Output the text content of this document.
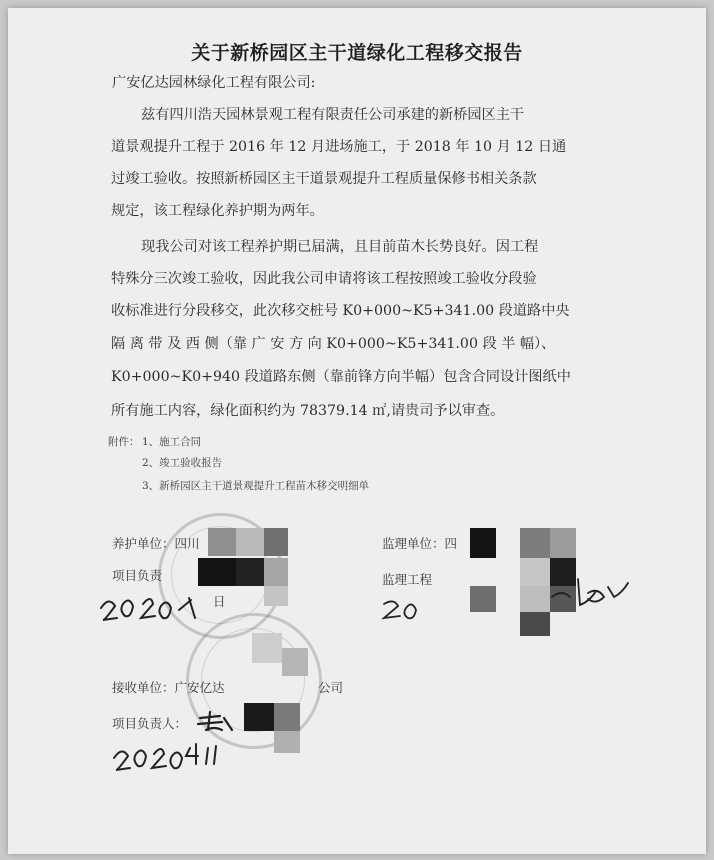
关于新桥园区主干道绿化工程移交报告
广安亿达园林绿化工程有限公司:
兹有四川浩天园林景观工程有限责任公司承建的新桥园区主干
道景观提升工程于 2016 年 12 月进场施工，于 2018 年 10 月 12 日通
过竣工验收。按照新桥园区主干道景观提升工程质量保修书相关条款
规定，该工程绿化养护期为两年。
现我公司对该工程养护期已届满，且目前苗木长势良好。因工程
特殊分三次竣工验收，因此我公司申请将该工程按照竣工验收分段验
收标准进行分段移交，此次移交桩号 K0+000~K5+341.00 段道路中央
隔 离 带 及 西 侧（靠 广 安 方 向 K0+000~K5+341.00 段 半 幅）、
K0+000~K0+940 段道路东侧（靠前锋方向半幅）包含合同设计图纸中
所有施工内容，绿化面积约为 78379.14 ㎡,请贵司予以审查。
附件： 1、施工合同
2、竣工验收报告
3、新桥园区主干道景观提升工程苗木移交明细单
养护单位：四川
项目负责
日
监理单位：四
监理工程
接收单位：广安亿达	公司
项目负责人：
